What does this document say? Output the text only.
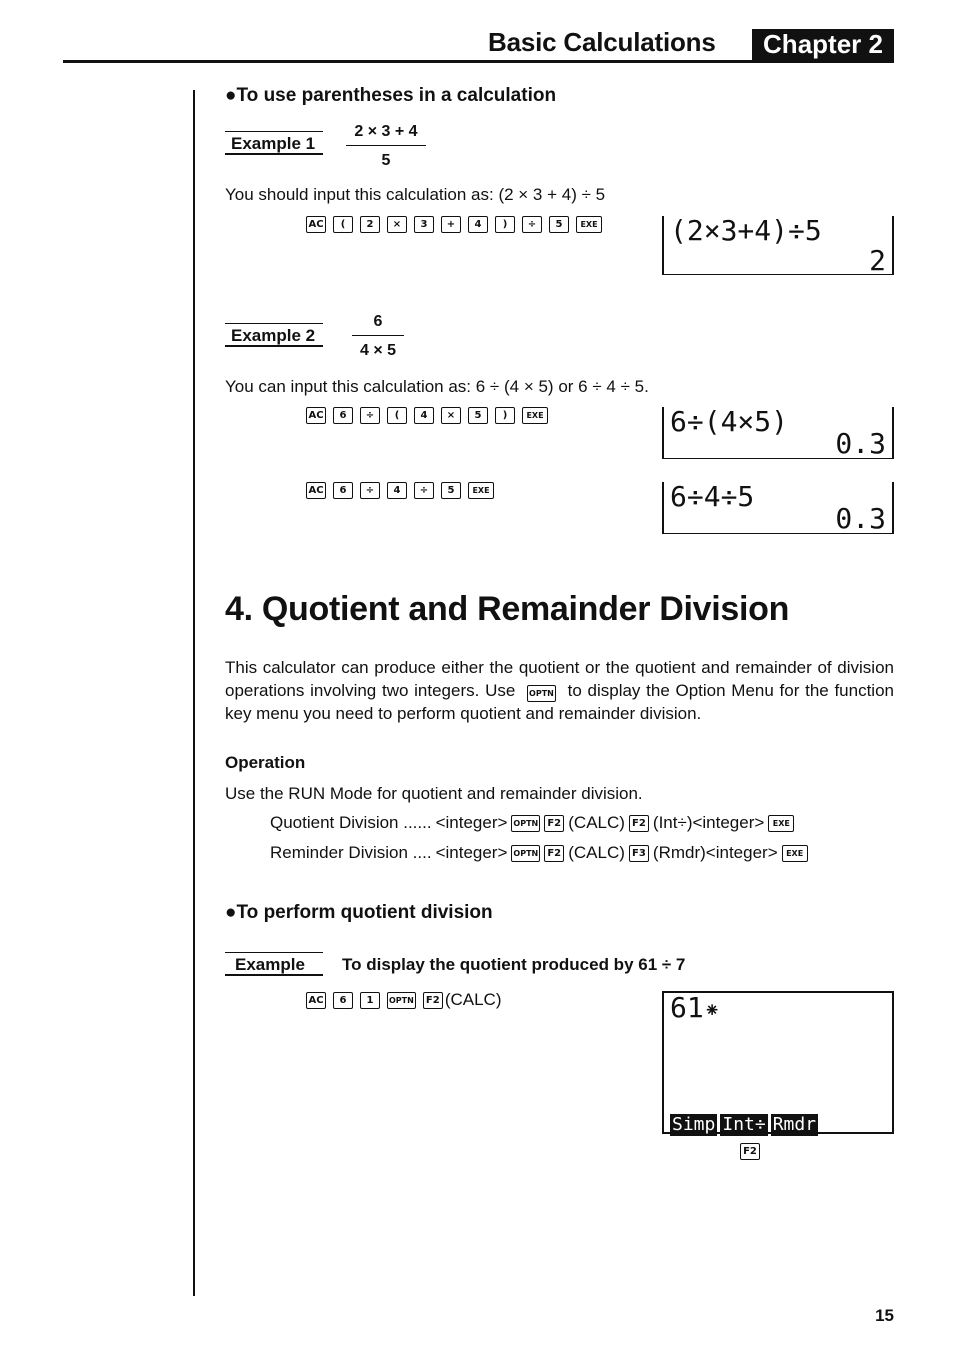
Basic Calculations	Chapter 2
●To use parentheses in a calculation
Example 1	$\frac{2 \times 3 + 4}{5}$
You should input this calculation as: (2 × 3 + 4) ÷ 5
AC	(	2	×	3	+	4	)	÷	5	EXE	(2×3+4)÷5
2
Example 2	$\frac{6}{4 \times 5}$
You can input this calculation as: 6 ÷ (4 × 5) or 6 ÷ 4 ÷ 5.
AC	6	÷	(	4	×	5	)	EXE	6÷(4×5)
0.3
AC	6	÷	4	÷	5	EXE	6÷4÷5
0.3
4. Quotient and Remainder Division
This calculator can produce either the quotient or the quotient and remainder of division operations involving two integers. Use OPTN to display the Option Menu for the function key menu you need to perform quotient and remainder division.
Operation
Use the RUN Mode for quotient and remainder division.
Quotient Division ...... <integer> OPTN F2 (CALC) F2 (Int÷)<integer>	EXE
Reminder Division .... <integer> OPTN F2 (CALC) F3 (Rmdr)<integer>	EXE
●To perform quotient division
Example	To display the quotient produced by 61 ÷ 7
AC	6	1	OPTN	F2 (CALC)	61⁕
Simp Int÷ Rmdr
F2
15
